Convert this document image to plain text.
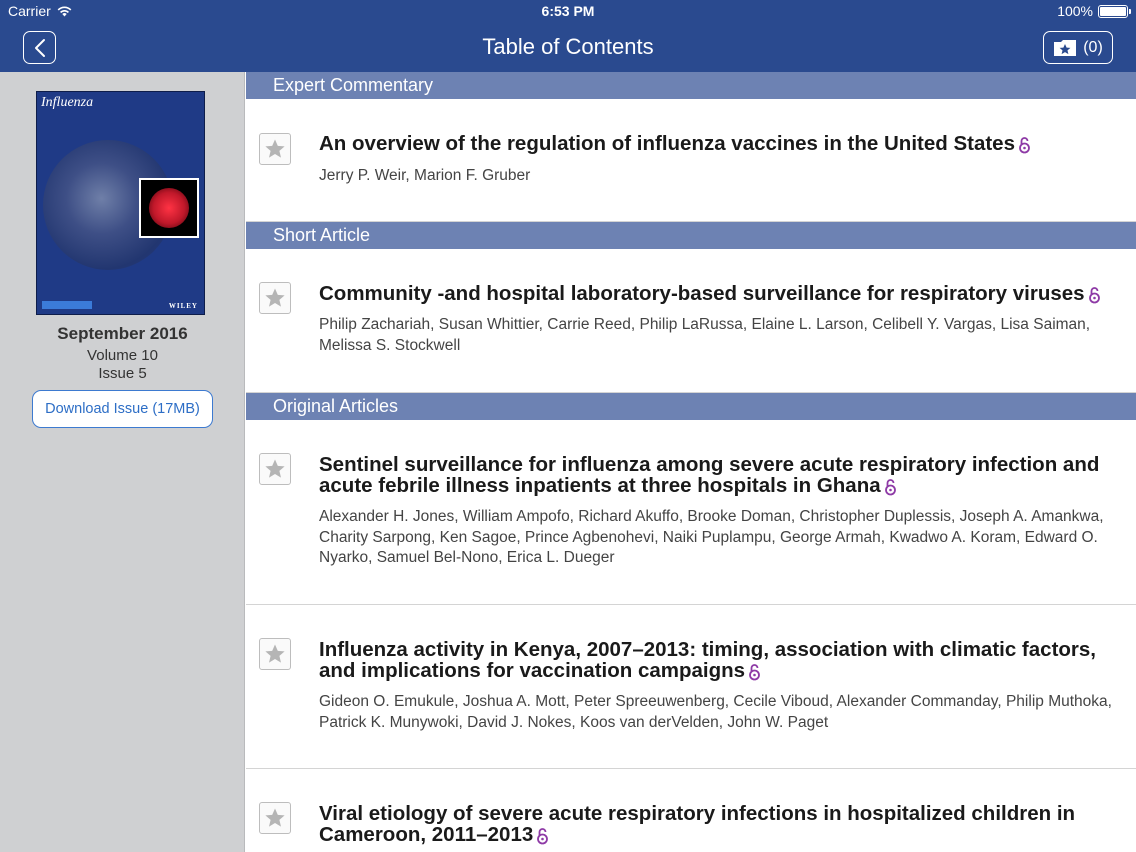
Carrier	6:53 PM	100%
Table of Contents	(0)
Influenza
WILEY
September 2016
Volume 10
Issue 5
Download Issue (17MB)
Expert Commentary
An overview of the regulation of influenza vaccines in the United States
Jerry P. Weir, Marion F. Gruber
Short Article
Community -and hospital laboratory-based surveillance for respiratory viruses
Philip Zachariah, Susan Whittier, Carrie Reed, Philip LaRussa, Elaine L. Larson, Celibell Y. Vargas, Lisa Saiman, Melissa S. Stockwell
Original Articles
Sentinel surveillance for influenza among severe acute respiratory infection and acute febrile illness inpatients at three hospitals in Ghana
Alexander H. Jones, William Ampofo, Richard Akuffo, Brooke Doman, Christopher Duplessis, Joseph A. Amankwa, Charity Sarpong, Ken Sagoe, Prince Agbenohevi, Naiki Puplampu, George Armah, Kwadwo A. Koram, Edward O. Nyarko, Samuel Bel-Nono, Erica L. Dueger
Influenza activity in Kenya, 2007–2013: timing, association with climatic factors, and implications for vaccination campaigns
Gideon O. Emukule, Joshua A. Mott, Peter Spreeuwenberg, Cecile Viboud, Alexander Commanday, Philip Muthoka, Patrick K. Munywoki, David J. Nokes, Koos van derVelden, John W. Paget
Viral etiology of severe acute respiratory infections in hospitalized children in Cameroon, 2011–2013
